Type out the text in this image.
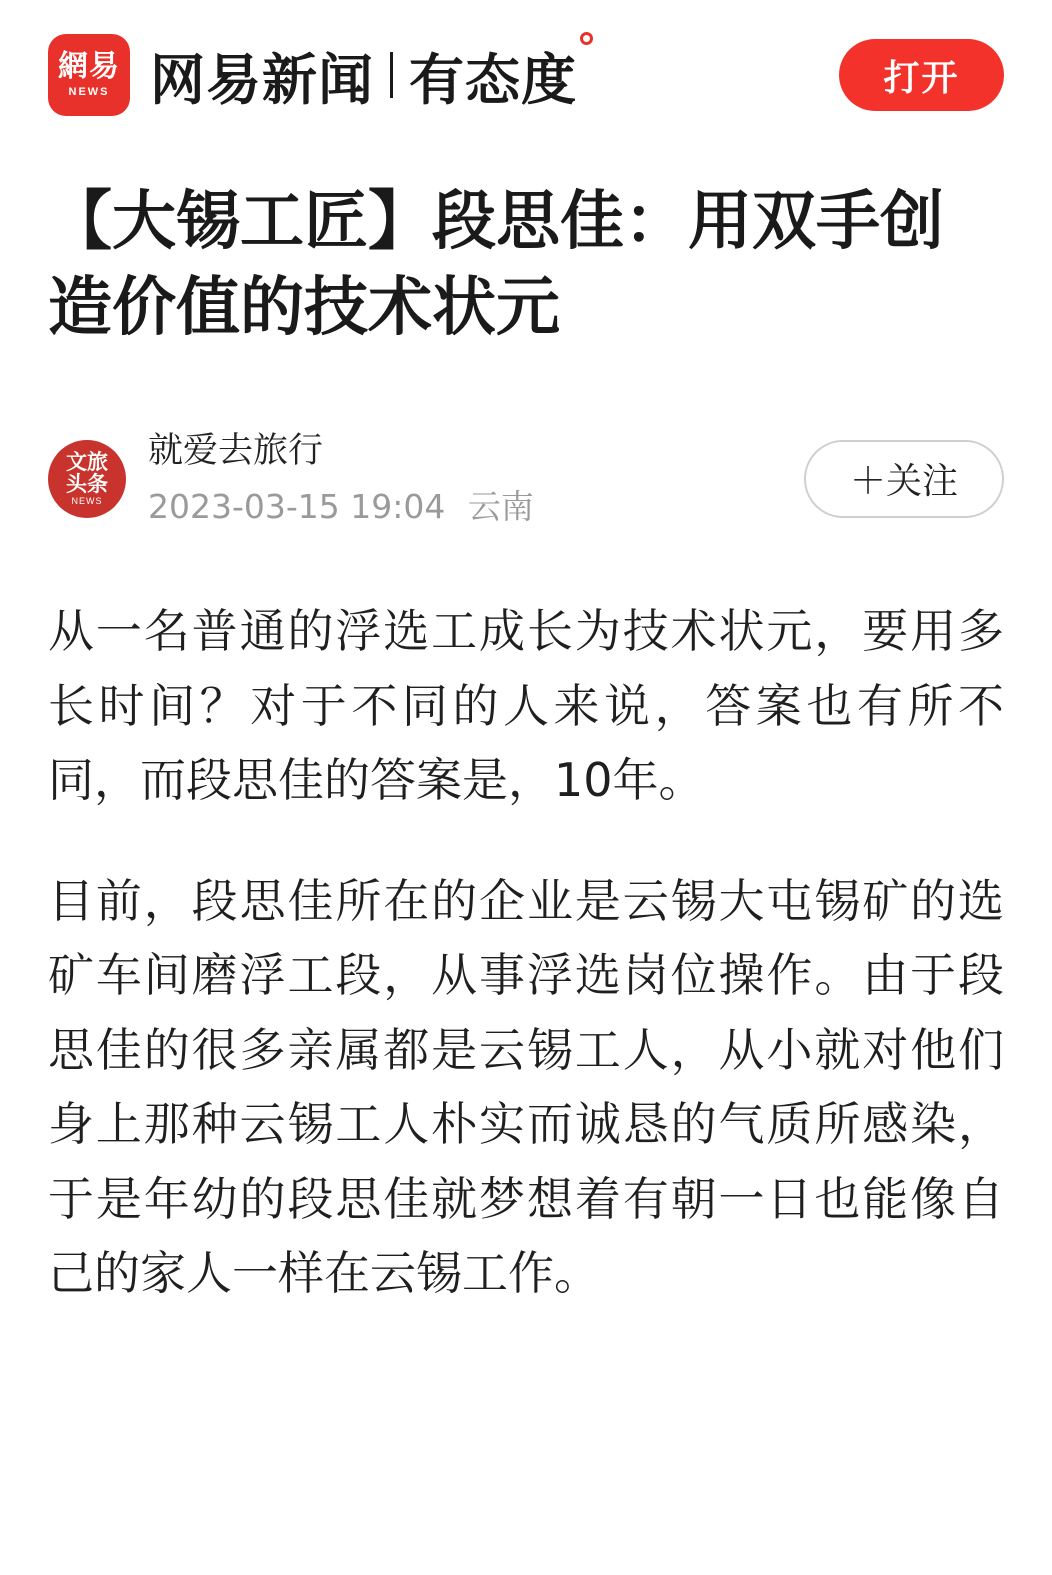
網易
NEWS 网易新闻 有态度	打开
【大锡工匠】段思佳：用双手创造价值的技术状元
文旅
头条
NEWS
就爱去旅行
2023-03-15 19:04 云南
＋关注

从一名普通的浮选工成长为技术状元，要用多长时间？对于不同的人来说，答案也有所不同，而段思佳的答案是，10年。

目前，段思佳所在的企业是云锡大屯锡矿的选矿车间磨浮工段，从事浮选岗位操作。由于段思佳的很多亲属都是云锡工人，从小就对他们身上那种云锡工人朴实而诚恳的气质所感染，于是年幼的段思佳就梦想着有朝一日也能像自己的家人一样在云锡工作。
